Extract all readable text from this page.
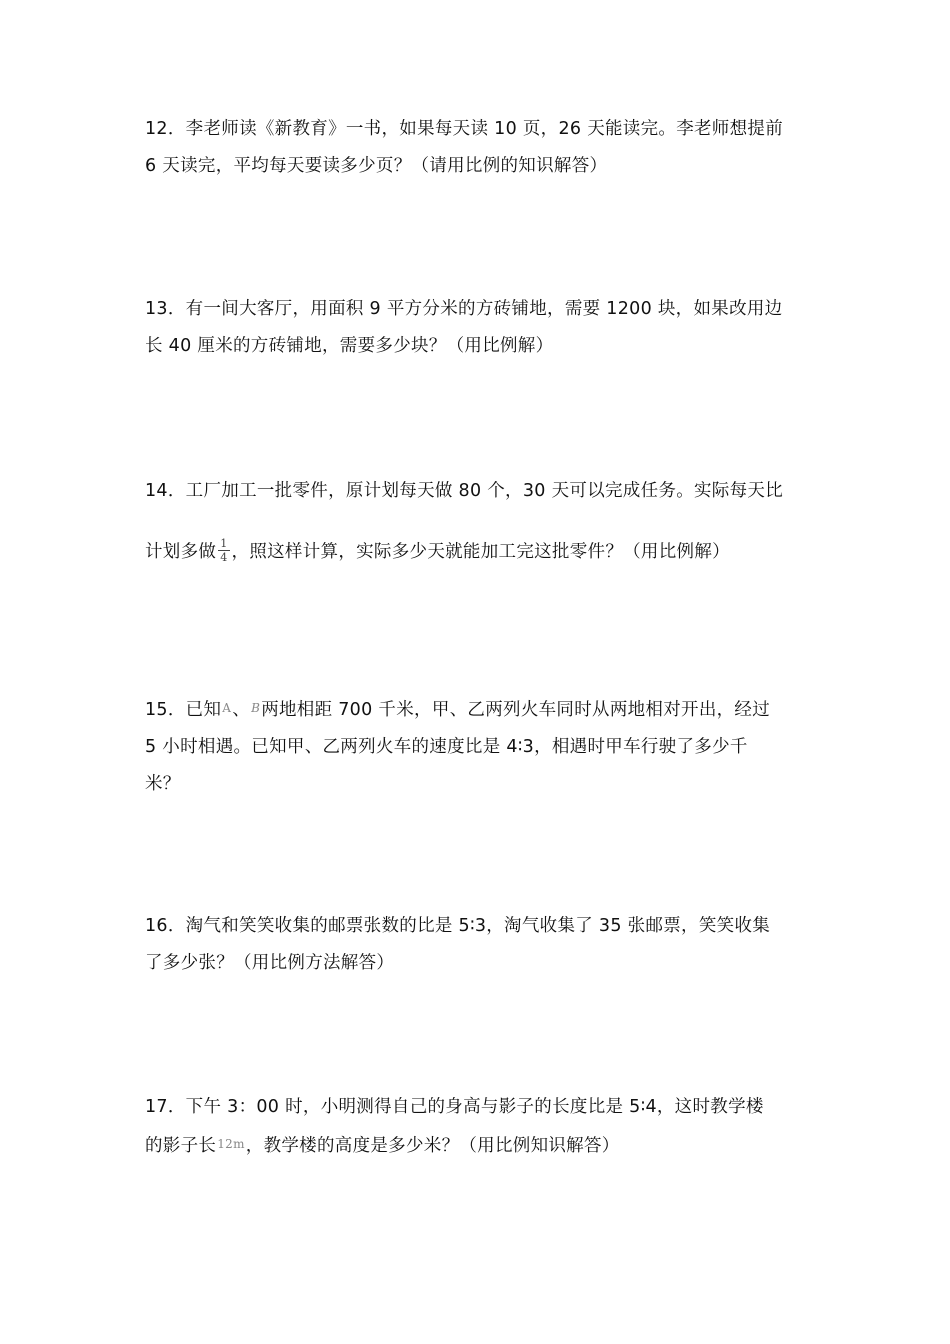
12．李老师读《新教育》一书，如果每天读 10 页，26 天能读完。李老师想提前
6 天读完，平均每天要读多少页？（请用比例的知识解答）
13．有一间大客厅，用面积 9 平方分米的方砖铺地，需要 1200 块，如果改用边
长 40 厘米的方砖铺地，需要多少块？（用比例解）
14．工厂加工一批零件，原计划每天做 80 个，30 天可以完成任务。实际每天比
计划多做 $\frac{1}{4}$ ，照这样计算，实际多少天就能加工完这批零件？（用比例解）
15．已知A、B两地相距 700 千米，甲、乙两列火车同时从两地相对开出，经过
5 小时相遇。已知甲、乙两列火车的速度比是 4∶3，相遇时甲车行驶了多少千
米？
16．淘气和笑笑收集的邮票张数的比是 5∶3，淘气收集了 35 张邮票，笑笑收集
了多少张？（用比例方法解答）
17．下午 3：00 时，小明测得自己的身高与影子的长度比是 5∶4，这时教学楼
的影子长12m，教学楼的高度是多少米？（用比例知识解答）
